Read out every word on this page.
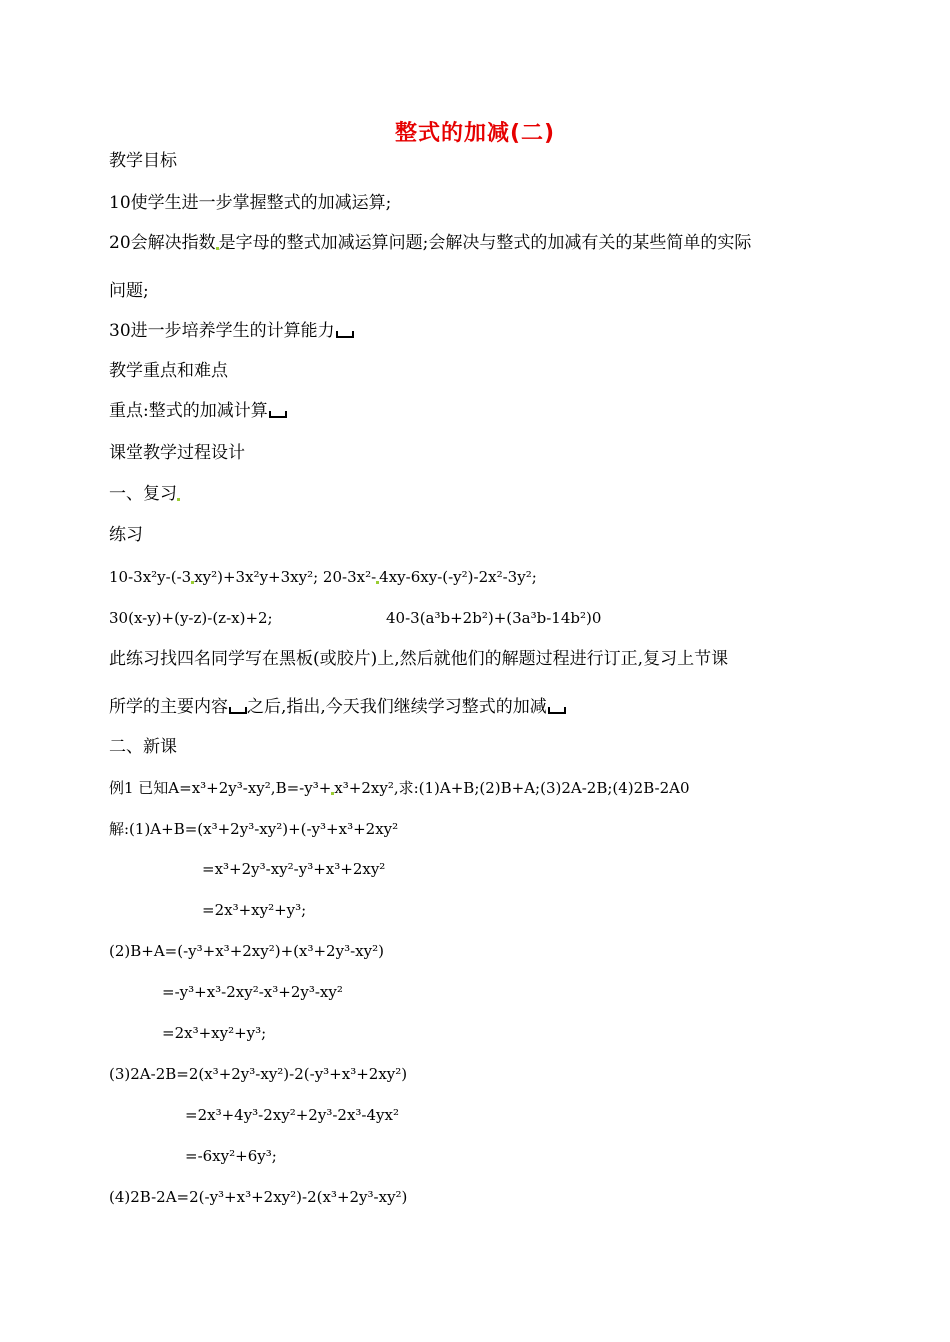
整式的加减(二)
教学目标
10使学生进一步掌握整式的加减运算;
20会解决指数 是字母的整式加减运算问题;会解决与整式的加减有关的某些简单的实际
问题;
30进一步培养学生的计算能力
教学重点和难点
重点:整式的加减计算
课堂教学过程设计
一、复习
练习
10-3x²y-(-3 xy²)+3x²y+3xy²; 20-3x²- 4xy-6xy-(-y²)-2x²-3y²;
30(x-y)+(y-z)-(z-x)+2;	40-3(a³b+2b²)+(3a³b-14b²)0
此练习找四名同学写在黑板(或胶片)上,然后就他们的解题过程进行订正,复习上节课
所学的主要内容 之后,指出,今天我们继续学习整式的加减
二、新课
例1 已知A=x³+2y³-xy²,B=-y³+ x³+2xy²,求:(1)A+B;(2)B+A;(3)2A-2B;(4)2B-2A0
解:(1)A+B=(x³+2y³-xy²)+(-y³+x³+2xy²
=x³+2y³-xy²-y³+x³+2xy²
=2x³+xy²+y³;
(2)B+A=(-y³+x³+2xy²)+(x³+2y³-xy²)
=-y³+x³-2xy²-x³+2y³-xy²
=2x³+xy²+y³;
(3)2A-2B=2(x³+2y³-xy²)-2(-y³+x³+2xy²)
=2x³+4y³-2xy²+2y³-2x³-4yx²
=-6xy²+6y³;
(4)2B-2A=2(-y³+x³+2xy²)-2(x³+2y³-xy²)
